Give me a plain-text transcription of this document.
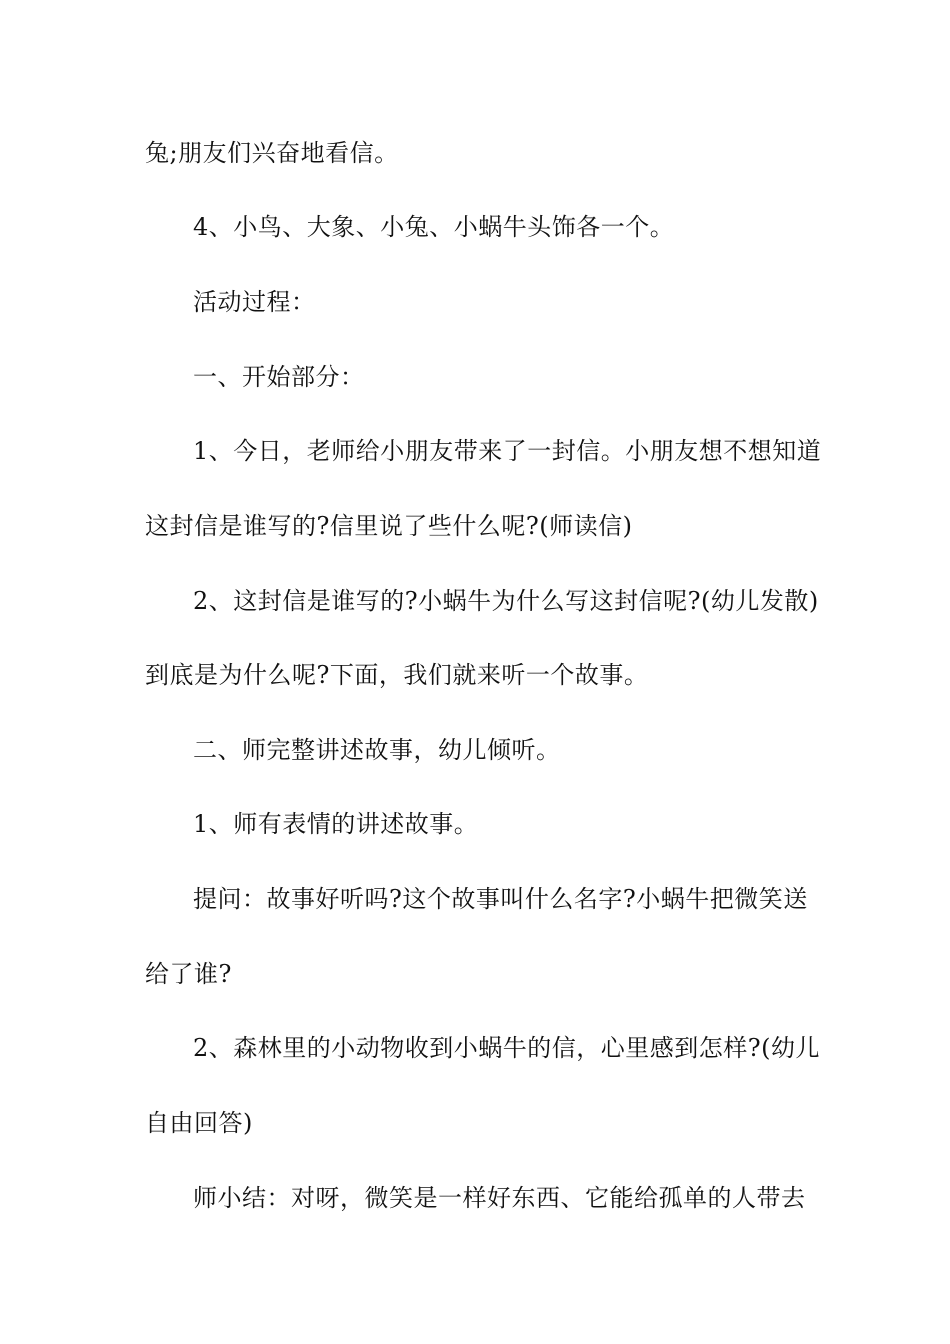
兔;朋友们兴奋地看信。
4、小鸟、大象、小兔、小蜗牛头饰各一个。
活动过程：
一、开始部分：
1、今日，老师给小朋友带来了一封信。小朋友想不想知道
这封信是谁写的?信里说了些什么呢?(师读信)
2、这封信是谁写的?小蜗牛为什么写这封信呢?(幼儿发散)
到底是为什么呢?下面，我们就来听一个故事。
二、师完整讲述故事，幼儿倾听。
1、师有表情的讲述故事。
提问：故事好听吗?这个故事叫什么名字?小蜗牛把微笑送
给了谁?
2、森林里的小动物收到小蜗牛的信，心里感到怎样?(幼儿
自由回答)
师小结：对呀，微笑是一样好东西、它能给孤单的人带去
